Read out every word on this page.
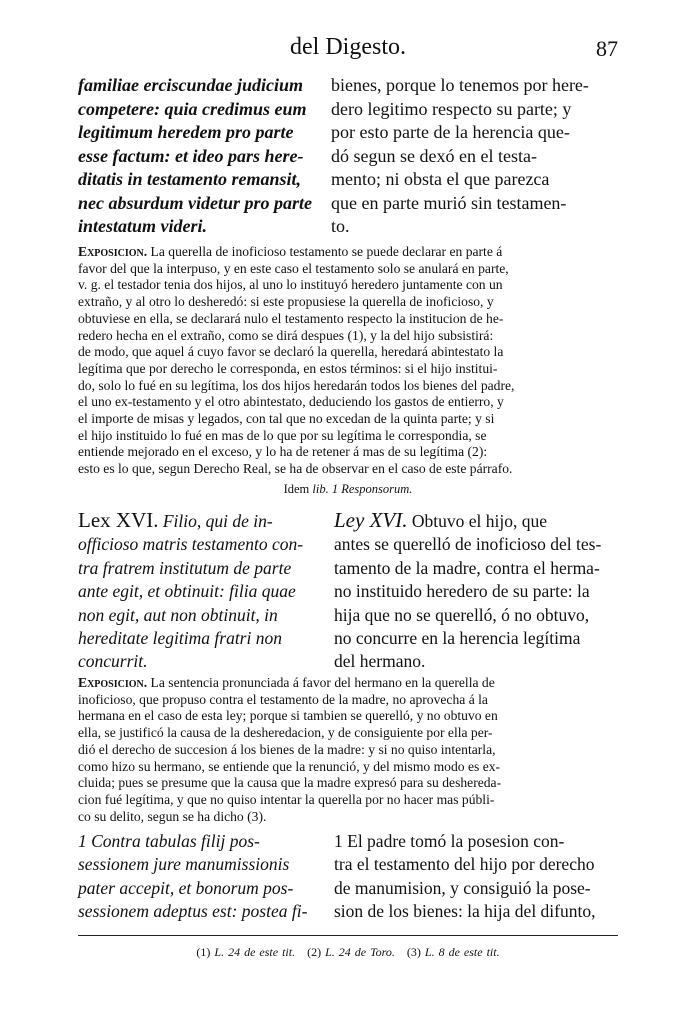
del Digesto.	87
familiae erciscundae judicium
competere: quia credimus eum
legitimum heredem pro parte
esse factum: et ideo pars here-
ditatis in testamento remansit,
nec absurdum videtur pro parte
intestatum videri.
bienes, porque lo tenemos por here-
dero legitimo respecto su parte; y
por esto parte de la herencia que-
dó segun se dexó en el testa-
mento; ni obsta el que parezca
que en parte murió sin testamen-
to.
Exposicion. La querella de inoficioso testamento se puede declarar en parte á
favor del que la interpuso, y en este caso el testamento solo se anulará en parte,
v. g. el testador tenia dos hijos, al uno lo instituyó heredero juntamente con un
extraño, y al otro lo desheredó: si este propusiese la querella de inoficioso, y
obtuviese en ella, se declarará nulo el testamento respecto la institucion de he-
redero hecha en el extraño, como se dirá despues (1), y la del hijo subsistirá:
de modo, que aquel á cuyo favor se declaró la querella, heredará abintestato la
legítima que por derecho le corresponda, en estos términos: si el hijo institui-
do, solo lo fué en su legítima, los dos hijos heredarán todos los bienes del padre,
el uno ex-testamento y el otro abintestato, deduciendo los gastos de entierro, y
el importe de misas y legados, con tal que no excedan de la quinta parte; y si
el hijo instituido lo fué en mas de lo que por su legítima le correspondia, se
entiende mejorado en el exceso, y lo ha de retener á mas de su legítima (2):
esto es lo que, segun Derecho Real, se ha de observar en el caso de este párrafo.
Idem lib. 1 Responsorum.
Lex XVI. Filio, qui de in-
officioso matris testamento con-
tra fratrem institutum de parte
ante egit, et obtinuit: filia quae
non egit, aut non obtinuit, in
hereditate legitima fratri non
concurrit.
Ley XVI. Obtuvo el hijo, que
antes se querelló de inoficioso del tes-
tamento de la madre, contra el herma-
no instituido heredero de su parte: la
hija que no se querelló, ó no obtuvo,
no concurre en la herencia legítima
del hermano.
Exposicion. La sentencia pronunciada á favor del hermano en la querella de
inoficioso, que propuso contra el testamento de la madre, no aprovecha á la
hermana en el caso de esta ley; porque si tambien se querelló, y no obtuvo en
ella, se justificó la causa de la desheredacion, y de consiguiente por ella per-
dió el derecho de succesion á los bienes de la madre: y si no quiso intentarla,
como hizo su hermano, se entiende que la renunció, y del mismo modo es ex-
cluida; pues se presume que la causa que la madre expresó para su deshereda-
cion fué legítima, y que no quiso intentar la querella por no hacer mas públi-
co su delito, segun se ha dicho (3).
1 Contra tabulas filij pos-
sessionem jure manumissionis
pater accepit, et bonorum pos-
sessionem adeptus est: postea fi-
1 El padre tomó la posesion con-
tra el testamento del hijo por derecho
de manumision, y consiguió la pose-
sion de los bienes: la hija del difunto,
(1) L. 24 de este tit. (2) L. 24 de Toro. (3) L. 8 de este tit.
